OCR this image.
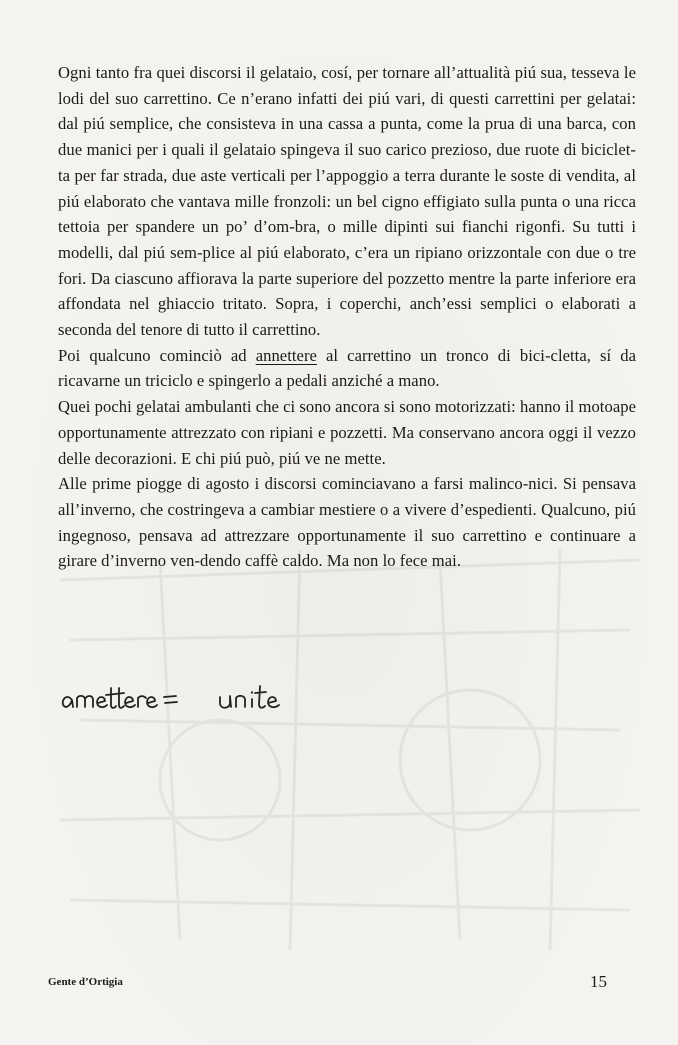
Ogni tanto fra quei discorsi il gelataio, cosí, per tornare all’attualità piú sua, tesseva le lodi del suo carrettino. Ce n’erano infatti dei piú vari, di questi carrettini per gelatai: dal piú semplice, che consisteva in una cassa a punta, come la prua di una barca, con due manici per i quali il gelataio spingeva il suo carico prezioso, due ruote di biciclet-ta per far strada, due aste verticali per l’appoggio a terra durante le soste di vendita, al piú elaborato che vantava mille fronzoli: un bel cigno effigiato sulla punta o una ricca tettoia per spandere un po’ d’om-bra, o mille dipinti sui fianchi rigonfi. Su tutti i modelli, dal piú sem-plice al piú elaborato, c’era un ripiano orizzontale con due o tre fori. Da ciascuno affiorava la parte superiore del pozzetto mentre la parte inferiore era affondata nel ghiaccio tritato. Sopra, i coperchi, anch’essi semplici o elaborati a seconda del tenore di tutto il carrettino.

Poi qualcuno cominciò ad annettere al carrettino un tronco di bici-cletta, sí da ricavarne un triciclo e spingerlo a pedali anziché a mano.

Quei pochi gelatai ambulanti che ci sono ancora si sono motorizzati: hanno il motoape opportunamente attrezzato con ripiani e pozzetti. Ma conservano ancora oggi il vezzo delle decorazioni. E chi piú può, piú ve ne mette.

Alle prime piogge di agosto i discorsi cominciavano a farsi malinco-nici. Si pensava all’inverno, che costringeva a cambiar mestiere o a vivere d’espedienti. Qualcuno, piú ingegnoso, pensava ad attrezzare opportunamente il suo carrettino e continuare a girare d’inverno ven-dendo caffè caldo. Ma non lo fece mai.

Gente d’Ortigia	15
